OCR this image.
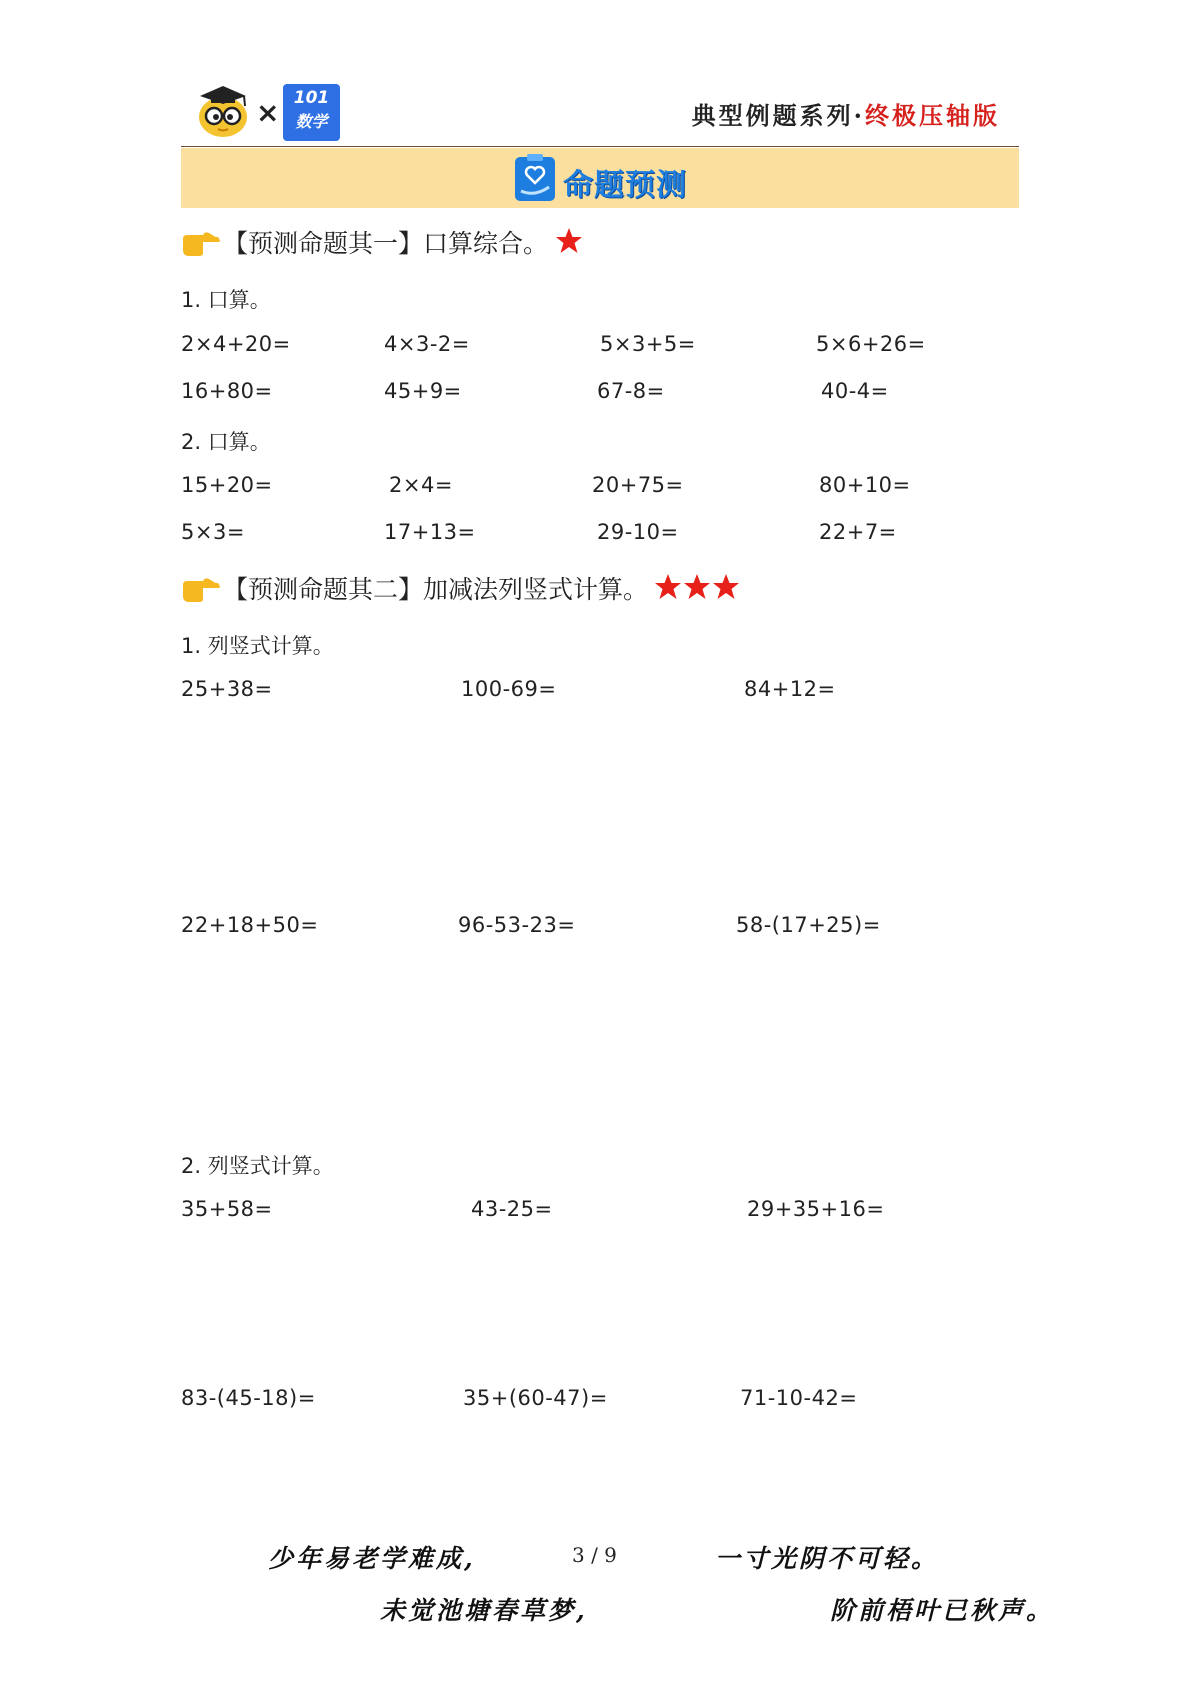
× 101
数学	典型例题系列·终极压轴版
命题预测
【预测命题其一】口算综合。
1. 口算。
2×4+20=	4×3-2=	5×3+5=	5×6+26=
16+80=	45+9=	67-8=	40-4=
2. 口算。
15+20=	2×4=	20+75=	80+10=
5×3=	17+13=	29-10=	22+7=
【预测命题其二】加减法列竖式计算。
1. 列竖式计算。
25+38=	100-69=	84+12=
22+18+50=	96-53-23=	58-(17+25)=
2. 列竖式计算。
35+58=	43-25=	29+35+16=
83-(45-18)=	35+(60-47)=	71-10-42=
少年易老学难成,	3 / 9	一寸光阴不可轻。
未觉池塘春草梦,	阶前梧叶已秋声。
